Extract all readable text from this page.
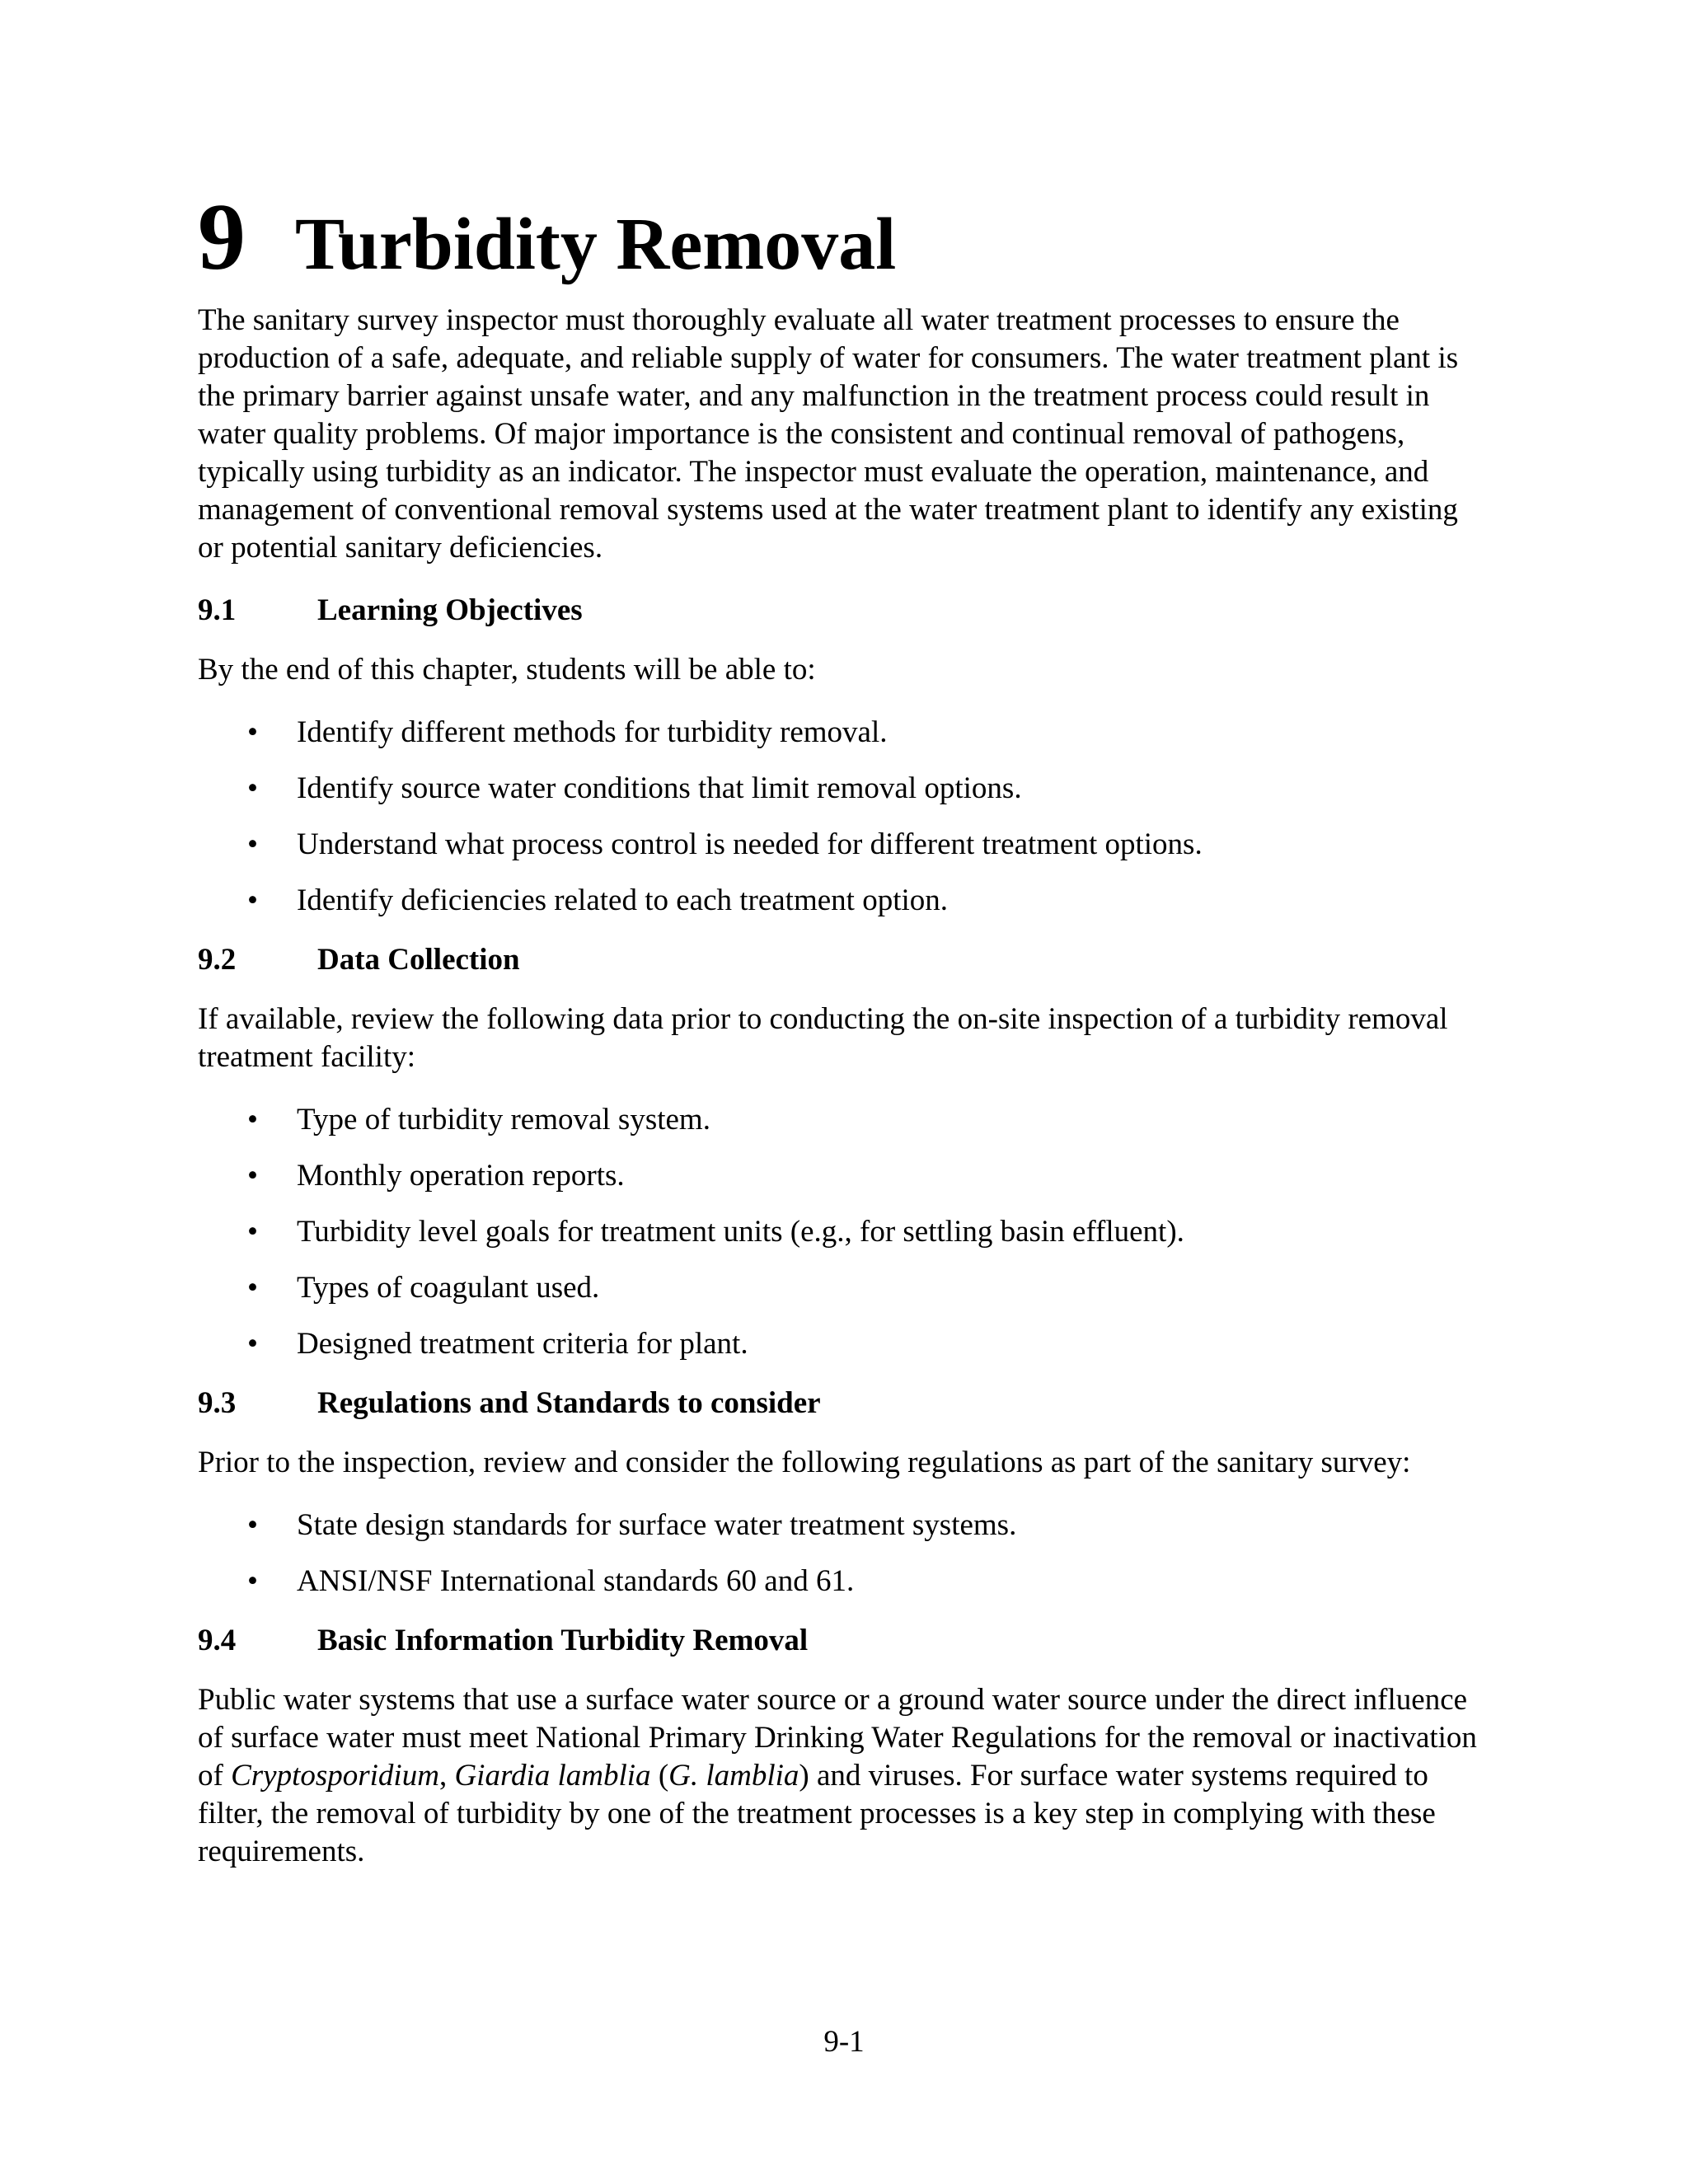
9 Turbidity Removal

The sanitary survey inspector must thoroughly evaluate all water treatment processes to ensure the production of a safe, adequate, and reliable supply of water for consumers. The water treatment plant is the primary barrier against unsafe water, and any malfunction in the treatment process could result in water quality problems. Of major importance is the consistent and continual removal of pathogens, typically using turbidity as an indicator. The inspector must evaluate the operation, maintenance, and management of conventional removal systems used at the water treatment plant to identify any existing or potential sanitary deficiencies.

9.1	Learning Objectives

By the end of this chapter, students will be able to:

•	Identify different methods for turbidity removal.
•	Identify source water conditions that limit removal options.
•	Understand what process control is needed for different treatment options.
•	Identify deficiencies related to each treatment option.
9.2	Data Collection

If available, review the following data prior to conducting the on-site inspection of a turbidity removal treatment facility:

•	Type of turbidity removal system.
•	Monthly operation reports.
•	Turbidity level goals for treatment units (e.g., for settling basin effluent).
•	Types of coagulant used.
•	Designed treatment criteria for plant.
9.3	Regulations and Standards to consider

Prior to the inspection, review and consider the following regulations as part of the sanitary survey:

•	State design standards for surface water treatment systems.
•	ANSI/NSF International standards 60 and 61.
9.4	Basic Information Turbidity Removal

Public water systems that use a surface water source or a ground water source under the direct influence of surface water must meet National Primary Drinking Water Regulations for the removal or inactivation of Cryptosporidium, Giardia lamblia (G. lamblia) and viruses. For surface water systems required to filter, the removal of turbidity by one of the treatment processes is a key step in complying with these requirements.

9-1
